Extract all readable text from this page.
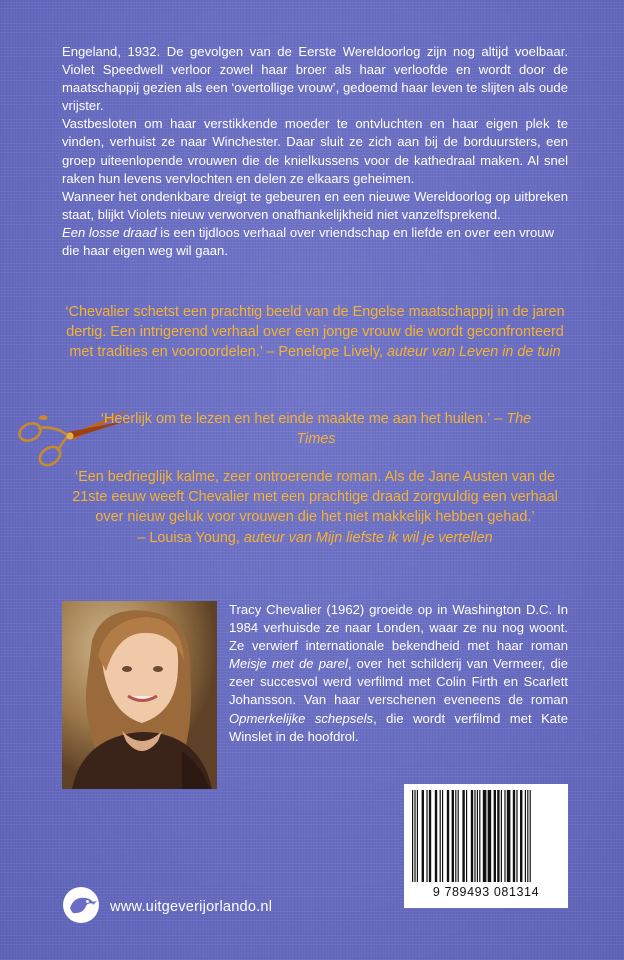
Engeland, 1932. De gevolgen van de Eerste Wereldoorlog zijn nog altijd voelbaar. Violet Speedwell verloor zowel haar broer als haar verloofde en wordt door de maatschappij gezien als een ‘overtollige vrouw’, gedoemd haar leven te slijten als oude vrijster.

Vastbesloten om haar verstikkende moeder te ontvluchten en haar eigen plek te vinden, verhuist ze naar Winchester. Daar sluit ze zich aan bij de borduursters, een groep uiteenlopende vrouwen die de knielkussens voor de kathedraal maken. Al snel raken hun levens vervlochten en delen ze elkaars geheimen.

Wanneer het ondenkbare dreigt te gebeuren en een nieuwe Wereldoorlog op uitbreken staat, blijkt Violets nieuw verworven onafhankelijkheid niet vanzelfsprekend.

Een losse draad is een tijdloos verhaal over vriendschap en liefde en over een vrouw die haar eigen weg wil gaan.

‘Chevalier schetst een prachtig beeld van de Engelse maatschappij in de jaren dertig. Een intrigerend verhaal over een jonge vrouw die wordt geconfronteerd met tradities en vooroordelen.’ – Penelope Lively, auteur van Leven in de tuin
‘Heerlijk om te lezen en het einde maakte me aan het huilen.’ – The Times
‘Een bedrieglijk kalme, zeer ontroerende roman. Als de Jane Austen van de 21ste eeuw weeft Chevalier met een prachtige draad zorgvuldig een verhaal over nieuw geluk voor vrouwen die het niet makkelijk hebben gehad.’
– Louisa Young, auteur van Mijn liefste ik wil je vertellen
Tracy Chevalier (1962) groeide op in Washington D.C. In 1984 verhuisde ze naar Londen, waar ze nu nog woont. Ze verwierf internationale bekendheid met haar roman Meisje met de parel, over het schilderij van Vermeer, die zeer succesvol werd verfilmd met Colin Firth en Scarlett Johansson. Van haar verschenen eveneens de roman Opmerkelijke schepsels, die wordt verfilmd met Kate Winslet in de hoofdrol.
9 789493 081314
www.uitgeverijorlando.nl
